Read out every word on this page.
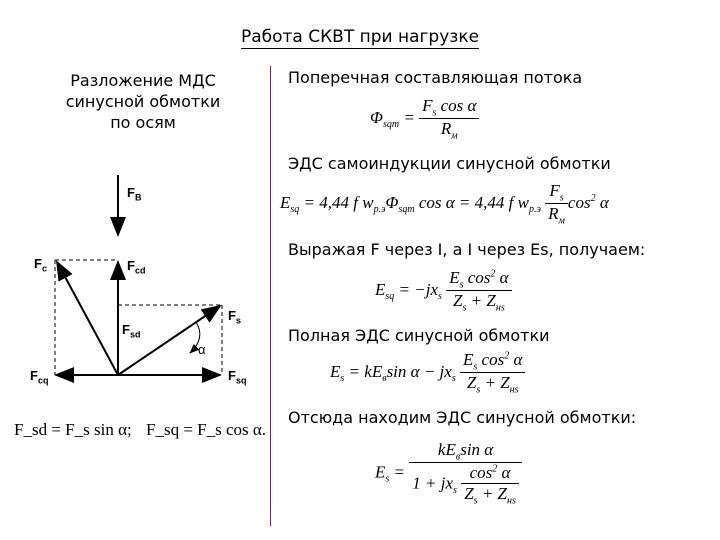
Работа СКВТ при нагрузке
Разложение МДС синусной обмотки по осям
$F_B$
$F_c$	$F_{cd}$
$F_s$
$F_{sd}$
α
$F_{cq}$	$F_{sq}$
F_sd = F_s sin α; F_sq = F_s cos α.
Поперечная составляющая потока
$\Phi_{sqm} = \frac{F_s \cos \alpha}{R_м}$
ЭДС самоиндукции синусной обмотки
$E_{sq} = 4,44$ f $w_{р.э}\Phi_{sqm}$ cos α = 4,44 f $w_{р.э} \frac{F_s}{R_м} \cos^2 \alpha$
Выражая F через I, а I через Es, получаем:
$E_{sq} = -jx_s \frac{E_s \cos^2 \alpha}{Z_s + Z_{нs}}$
Полная ЭДС синусной обмотки
$E_s = kE_в\sin$ $\alpha - jx_s \frac{E_s \cos^2 \alpha}{Z_s + Z_{нs}}$
Отсюда находим ЭДС синусной обмотки:
$E_s = \frac{kE_в\sin \alpha}{1 + jx_s \frac{\cos^2 \alpha}{Z_s + Z_{нs}}}$
